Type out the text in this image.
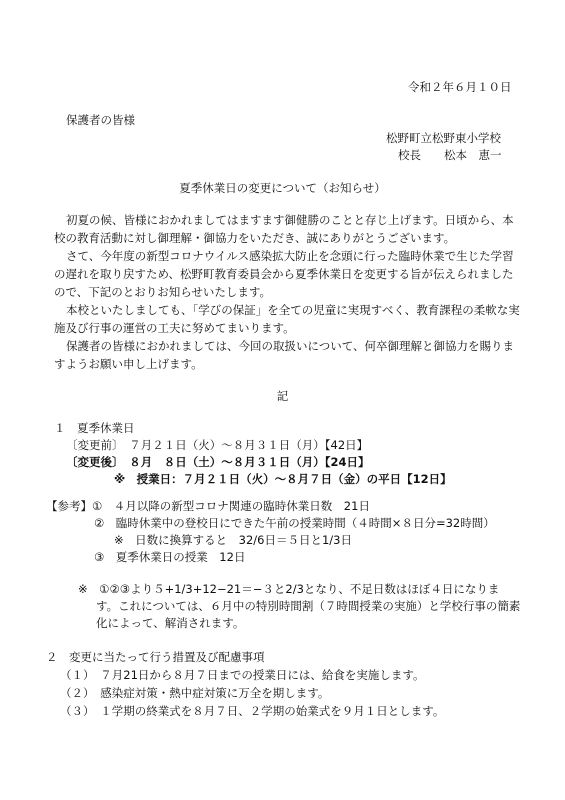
令和２年６月１０日
保護者の皆様
松野町立松野東小学校
校長　　松本　恵一
夏季休業日の変更について（お知らせ）
初夏の候、皆様におかれましてはますます御健勝のことと存じ上げます。日頃から、本
校の教育活動に対し御理解・御協力をいただき、誠にありがとうございます。
さて、今年度の新型コロナウイルス感染拡大防止を念頭に行った臨時休業で生じた学習
の遅れを取り戻すため、松野町教育委員会から夏季休業日を変更する旨が伝えられました
ので、下記のとおりお知らせいたします。
本校といたしましても、「学びの保証」を全ての児童に実現すべく、教育課程の柔軟な実
施及び行事の運営の工夫に努めてまいります。
保護者の皆様におかれましては、今回の取扱いについて、何卒御理解と御協力を賜りま
すようお願い申し上げます。
記
１　夏季休業日
〔変更前〕　７月２１日（火）～８月３１日（月）【42日】
〔変更後〕　８月　８日（土）～８月３１日（月）【24日】
※　授業日：７月２１日（火）～８月７日（金）の平日【12日】
【参考】①　４月以降の新型コロナ関連の臨時休業日数　21日
②　臨時休業中の登校日にできた午前の授業時間（４時間×８日分=32時間）
※　日数に換算すると　32/6日＝５日と1/3日
③　夏季休業日の授業　12日
※　①②③より５+1/3+12−21＝−３と2/3となり、不足日数はほぼ４日になりま
す。これについては、６月中の特別時間割（７時間授業の実施）と学校行事の簡素
化によって、解消されます。
２　変更に当たって行う措置及び配慮事項
（１）　７月21日から８月７日までの授業日には、給食を実施します。
（２）　感染症対策・熱中症対策に万全を期します。
（３）　１学期の終業式を８月７日、２学期の始業式を９月１日とします。
